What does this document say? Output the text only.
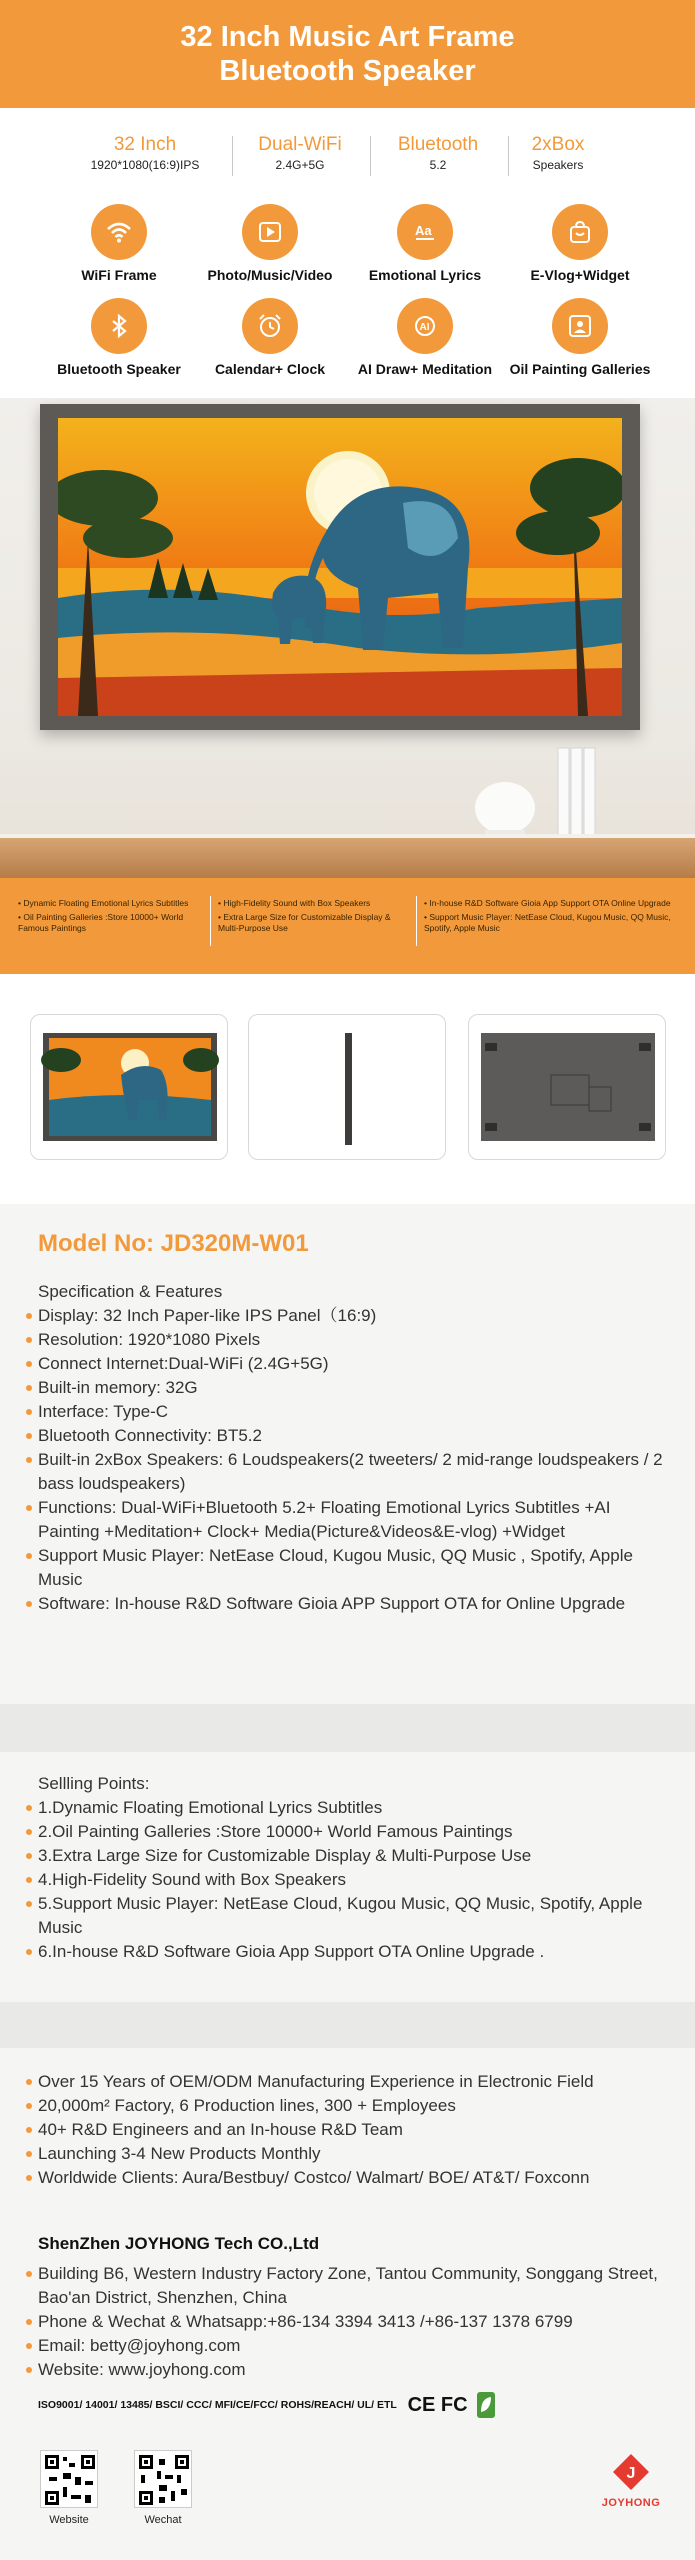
32 Inch Music Art Frame
Bluetooth Speaker
32 Inch
1920*1080(16:9)IPS
Dual-WiFi
2.4G+5G
Bluetooth
5.2
2xBox
Speakers
WiFi Frame	Photo/Music/Video
Aa
Emotional Lyrics	E-Vlog+Widget
Bluetooth Speaker	Calendar+ Clock
AI
AI Draw+ Meditation	Oil Painting Galleries
• Dynamic Floating Emotional Lyrics Subtitles
• Oil Painting Galleries :Store 10000+ World Famous Paintings
• High-Fidelity Sound with Box Speakers
• Extra Large Size for Customizable Display & Multi-Purpose Use
• In-house R&D Software Gioia App Support OTA Online Upgrade
• Support Music Player: NetEase Cloud, Kugou Music, QQ Music, Spotify, Apple Music
Model No: JD320M-W01
Specification & Features
Display: 32 Inch Paper-like IPS Panel（16:9)
Resolution: 1920*1080 Pixels
Connect Internet:Dual-WiFi (2.4G+5G)
Built-in memory: 32G
Interface: Type-C
Bluetooth Connectivity: BT5.2
Built-in 2xBox Speakers: 6 Loudspeakers(2 tweeters/ 2 mid-range loudspeakers / 2 bass loudspeakers)
Functions: Dual-WiFi+Bluetooth 5.2+ Floating Emotional Lyrics Subtitles +AI Painting +Meditation+ Clock+ Media(Picture&Videos&E-vlog) +Widget
Support Music Player: NetEase Cloud, Kugou Music, QQ Music , Spotify, Apple Music
Software: In-house R&D Software Gioia APP Support OTA for Online Upgrade
Sellling Points:
1.Dynamic Floating Emotional Lyrics Subtitles
2.Oil Painting Galleries :Store 10000+ World Famous Paintings
3.Extra Large Size for Customizable Display & Multi-Purpose Use
4.High-Fidelity Sound with Box Speakers
5.Support Music Player: NetEase Cloud, Kugou Music, QQ Music, Spotify, Apple Music
6.In-house R&D Software Gioia App Support OTA Online Upgrade .
Over 15 Years of OEM/ODM Manufacturing Experience in Electronic Field
20,000m² Factory, 6 Production lines, 300 + Employees
40+ R&D Engineers and an In-house R&D Team
Launching 3-4 New Products Monthly
Worldwide Clients: Aura/Bestbuy/ Costco/ Walmart/ BOE/ AT&T/ Foxconn
ShenZhen JOYHONG Tech CO.,Ltd
Building B6, Western Industry Factory Zone, Tantou Community, Songgang Street, Bao'an District, Shenzhen, China
Phone & Wechat & Whatsapp:+86-134 3394 3413 /+86-137 1378 6799
Email: betty@joyhong.com
Website: www.joyhong.com
ISO9001/ 14001/ 13485/ BSCI/ CCC/ MFI/CE/FCC/ ROHS/REACH/ UL/ ETL CE FC
Website	Wechat
J
JOYHONG
